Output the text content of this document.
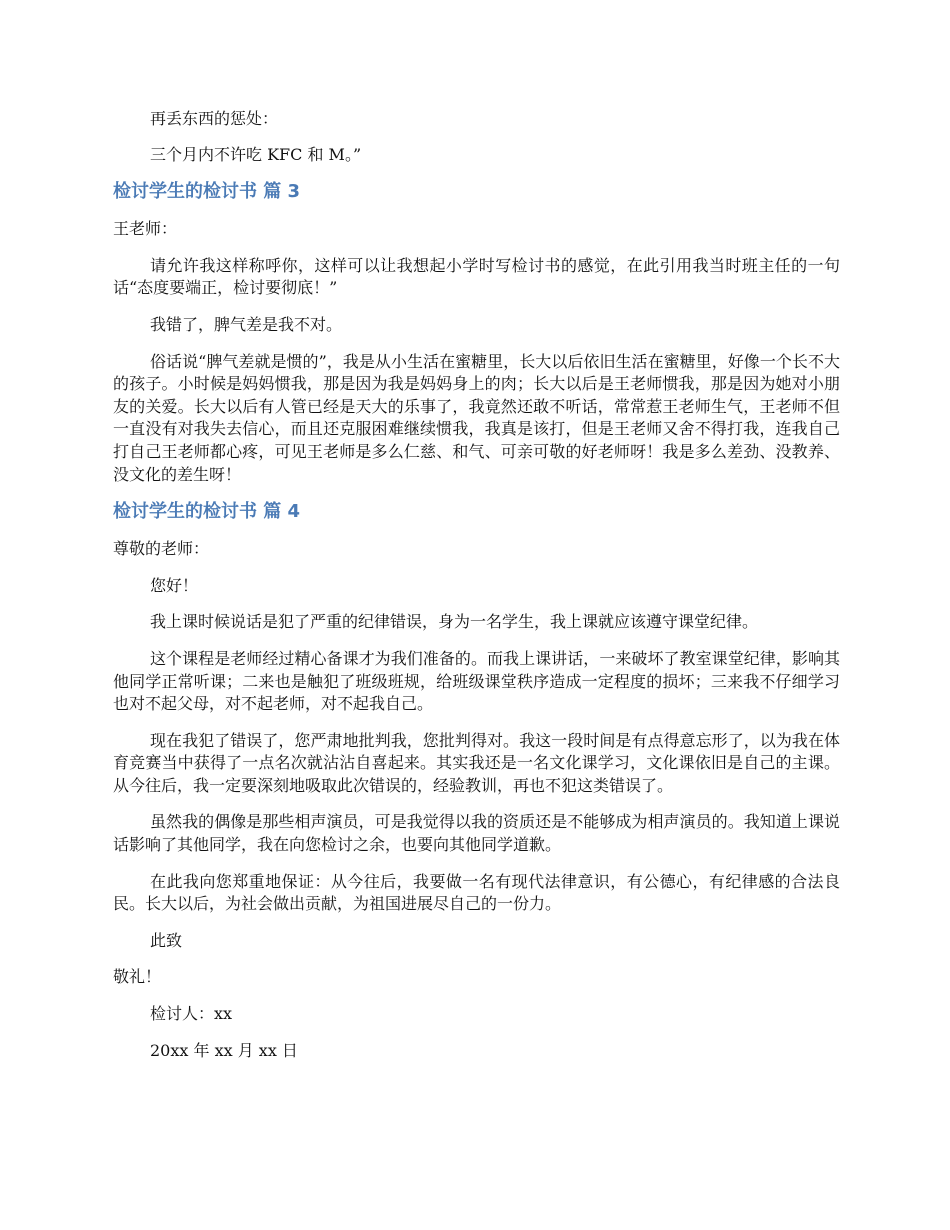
再丢东西的惩处：

三个月内不许吃 KFC 和 M。”

检讨学生的检讨书 篇 3

王老师：

请允许我这样称呼你，这样可以让我想起小学时写检讨书的感觉，在此引用我当时班主任的一句话“态度要端正，检讨要彻底！”

我错了，脾气差是我不对。

俗话说“脾气差就是惯的”，我是从小生活在蜜糖里，长大以后依旧生活在蜜糖里，好像一个长不大的孩子。小时候是妈妈惯我，那是因为我是妈妈身上的肉；长大以后是王老师惯我，那是因为她对小朋友的关爱。长大以后有人管已经是天大的乐事了，我竟然还敢不听话，常常惹王老师生气，王老师不但一直没有对我失去信心，而且还克服困难继续惯我，我真是该打，但是王老师又舍不得打我，连我自己打自己王老师都心疼，可见王老师是多么仁慈、和气、可亲可敬的好老师呀！我是多么差劲、没教养、没文化的差生呀！

检讨学生的检讨书 篇 4

尊敬的老师：

您好！

我上课时候说话是犯了严重的纪律错误，身为一名学生，我上课就应该遵守课堂纪律。

这个课程是老师经过精心备课才为我们准备的。而我上课讲话，一来破坏了教室课堂纪律，影响其他同学正常听课；二来也是触犯了班级班规，给班级课堂秩序造成一定程度的损坏；三来我不仔细学习也对不起父母，对不起老师，对不起我自己。

现在我犯了错误了，您严肃地批判我，您批判得对。我这一段时间是有点得意忘形了，以为我在体育竞赛当中获得了一点名次就沾沾自喜起来。其实我还是一名文化课学习，文化课依旧是自己的主课。从今往后，我一定要深刻地吸取此次错误的，经验教训，再也不犯这类错误了。

虽然我的偶像是那些相声演员，可是我觉得以我的资质还是不能够成为相声演员的。我知道上课说话影响了其他同学，我在向您检讨之余，也要向其他同学道歉。

在此我向您郑重地保证：从今往后，我要做一名有现代法律意识，有公德心，有纪律感的合法良民。长大以后，为社会做出贡献，为祖国进展尽自己的一份力。

此致

敬礼！

检讨人：xx

20xx 年 xx 月 xx 日
